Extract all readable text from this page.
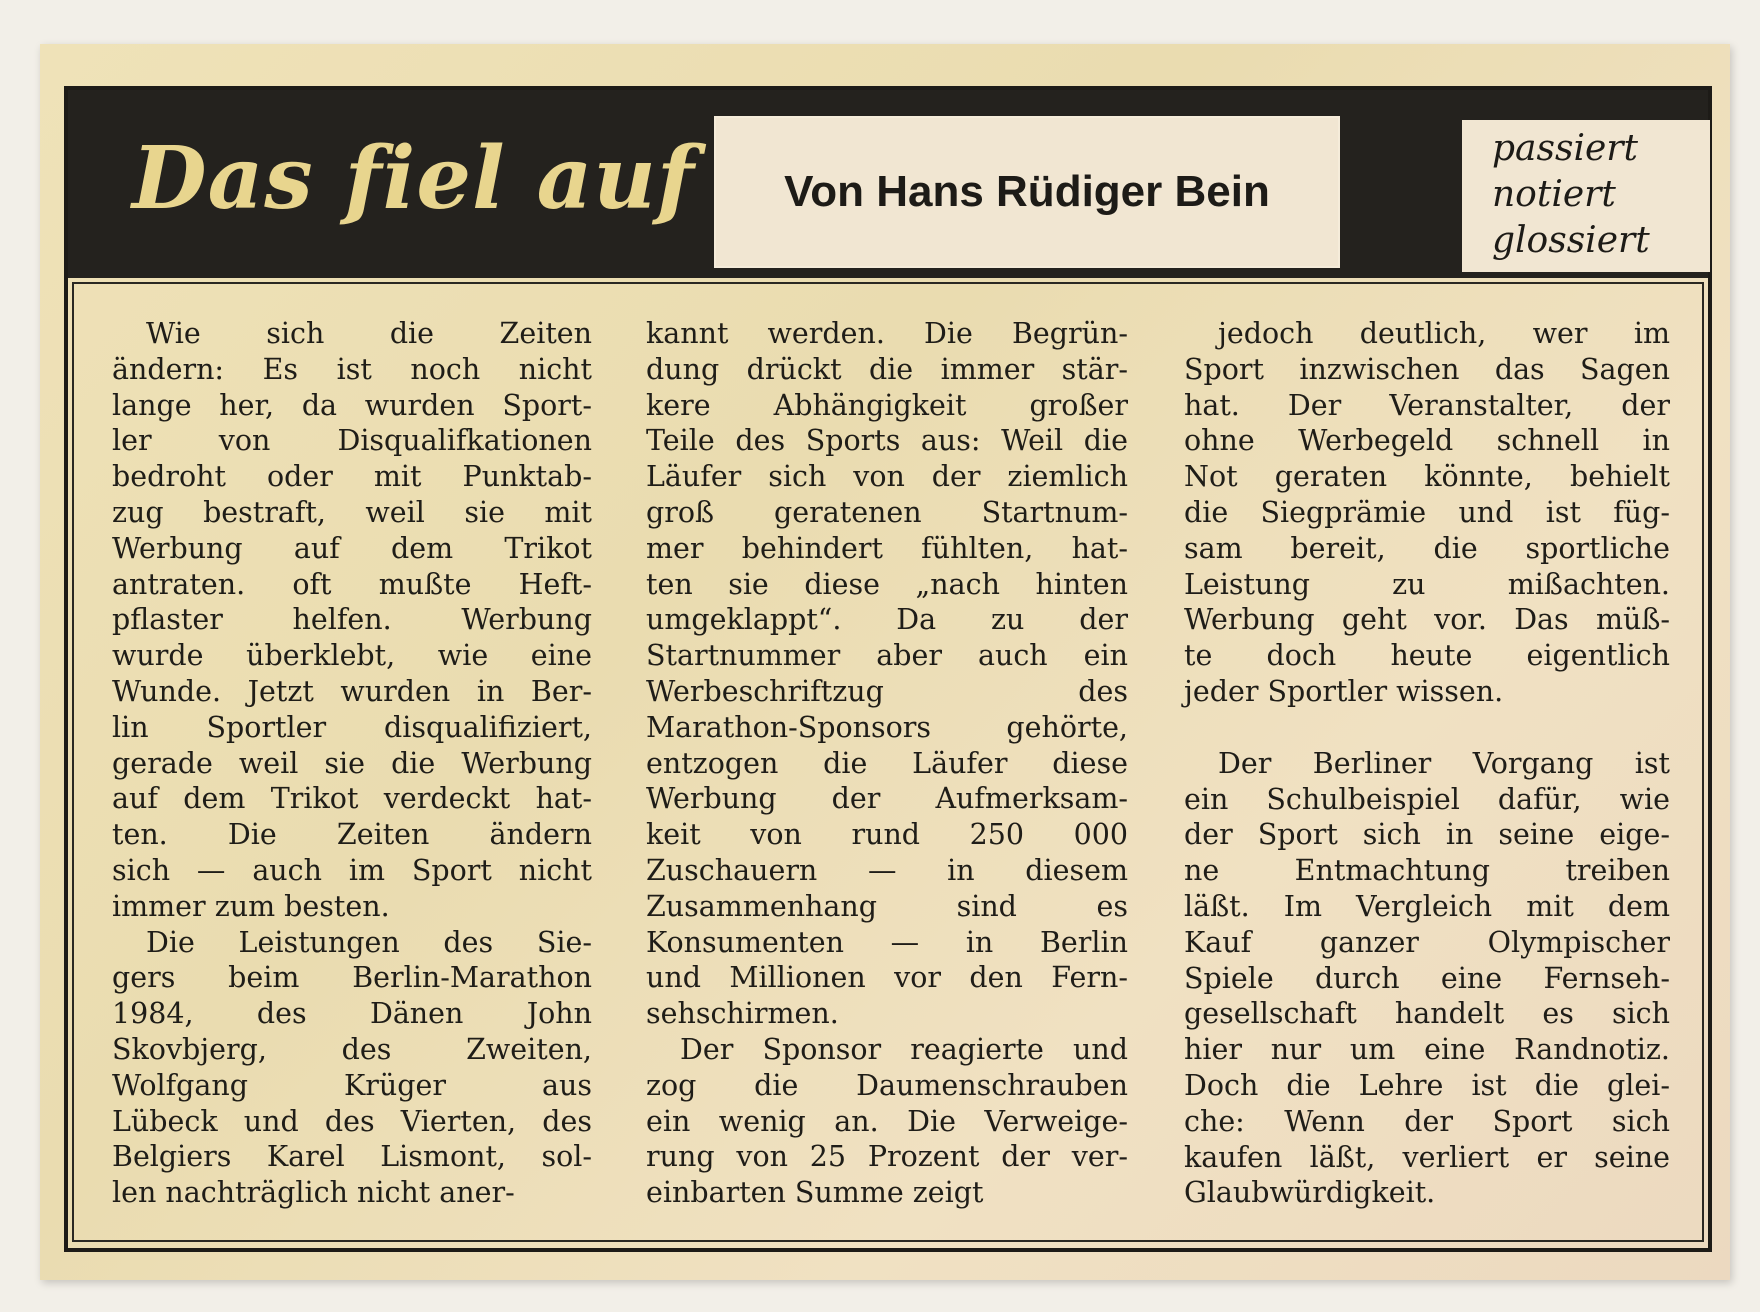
Das fiel auf Von Hans Rüdiger Bein
passiert
notiert
glossiert
Wie sich die Zeiten
ändern: Es ist noch nicht
lange her, da wurden Sport-
ler von Disqualifkationen
bedroht oder mit Punktab-
zug bestraft, weil sie mit
Werbung auf dem Trikot
antraten. oft mußte Heft-
pflaster helfen. Werbung
wurde überklebt, wie eine
Wunde. Jetzt wurden in Ber-
lin Sportler disqualifiziert,
gerade weil sie die Werbung
auf dem Trikot verdeckt hat-
ten. Die Zeiten ändern
sich — auch im Sport nicht
immer zum besten.
Die Leistungen des Sie-
gers beim Berlin-Marathon
1984, des Dänen John
Skovbjerg, des Zweiten,
Wolfgang Krüger aus
Lübeck und des Vierten, des
Belgiers Karel Lismont, sol-
len nachträglich nicht aner-
kannt werden. Die Begrün-
dung drückt die immer stär-
kere Abhängigkeit großer
Teile des Sports aus: Weil die
Läufer sich von der ziemlich
groß geratenen Startnum-
mer behindert fühlten, hat-
ten sie diese „nach hinten
umgeklappt“. Da zu der
Startnummer aber auch ein
Werbeschriftzug des
Marathon-Sponsors gehörte,
entzogen die Läufer diese
Werbung der Aufmerksam-
keit von rund 250 000
Zuschauern — in diesem
Zusammenhang sind es
Konsumenten — in Berlin
und Millionen vor den Fern-
sehschirmen.
Der Sponsor reagierte und
zog die Daumenschrauben
ein wenig an. Die Verweige-
rung von 25 Prozent der ver-
einbarten Summe zeigt
jedoch deutlich, wer im
Sport inzwischen das Sagen
hat. Der Veranstalter, der
ohne Werbegeld schnell in
Not geraten könnte, behielt
die Siegprämie und ist füg-
sam bereit, die sportliche
Leistung zu mißachten.
Werbung geht vor. Das müß-
te doch heute eigentlich
jeder Sportler wissen.
Der Berliner Vorgang ist
ein Schulbeispiel dafür, wie
der Sport sich in seine eige-
ne Entmachtung treiben
läßt. Im Vergleich mit dem
Kauf ganzer Olympischer
Spiele durch eine Fernseh-
gesellschaft handelt es sich
hier nur um eine Randnotiz.
Doch die Lehre ist die glei-
che: Wenn der Sport sich
kaufen läßt, verliert er seine
Glaubwürdigkeit.
